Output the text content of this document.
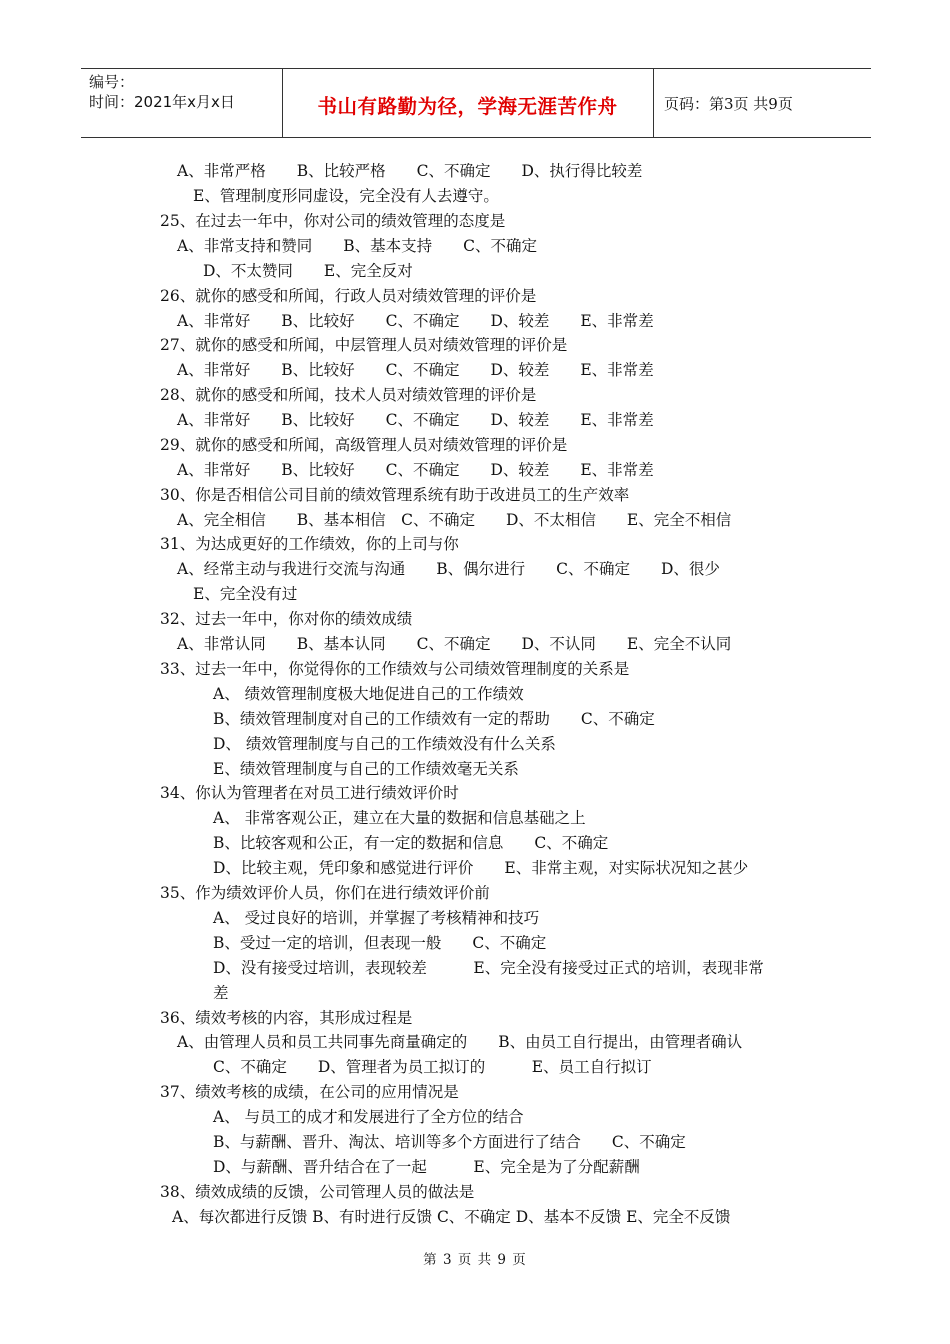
编号：
时间：2021年x月x日	书山有路勤为径，学海无涯苦作舟	页码：第3页 共9页
A、非常严格　　B、比较严格　　C、不确定　　D、执行得比较差
E、管理制度形同虚设，完全没有人去遵守。
25、在过去一年中，你对公司的绩效管理的态度是
A、非常支持和赞同　　B、基本支持　　C、不确定
D、不太赞同　　E、完全反对
26、就你的感受和所闻，行政人员对绩效管理的评价是
A、非常好　　B、比较好　　C、不确定　　D、较差　　E、非常差
27、就你的感受和所闻，中层管理人员对绩效管理的评价是
A、非常好　　B、比较好　　C、不确定　　D、较差　　E、非常差
28、就你的感受和所闻，技术人员对绩效管理的评价是
A、非常好　　B、比较好　　C、不确定　　D、较差　　E、非常差
29、就你的感受和所闻，高级管理人员对绩效管理的评价是
A、非常好　　B、比较好　　C、不确定　　D、较差　　E、非常差
30、你是否相信公司目前的绩效管理系统有助于改进员工的生产效率
A、完全相信　　B、基本相信　C、不确定　　D、不太相信　　E、完全不相信
31、为达成更好的工作绩效，你的上司与你
A、经常主动与我进行交流与沟通　　B、偶尔进行　　C、不确定　　D、很少
E、完全没有过
32、过去一年中，你对你的绩效成绩
A、非常认同　　B、基本认同　　C、不确定　　D、不认同　　E、完全不认同
33、过去一年中，你觉得你的工作绩效与公司绩效管理制度的关系是
A、 绩效管理制度极大地促进自己的工作绩效
B、绩效管理制度对自己的工作绩效有一定的帮助　　C、不确定
D、 绩效管理制度与自己的工作绩效没有什么关系
E、绩效管理制度与自己的工作绩效毫无关系
34、你认为管理者在对员工进行绩效评价时
A、 非常客观公正，建立在大量的数据和信息基础之上
B、比较客观和公正，有一定的数据和信息　　C、不确定
D、比较主观，凭印象和感觉进行评价　　E、非常主观，对实际状况知之甚少
35、作为绩效评价人员，你们在进行绩效评价前
A、 受过良好的培训，并掌握了考核精神和技巧
B、受过一定的培训，但表现一般　　C、不确定
D、没有接受过培训，表现较差　　　E、完全没有接受过正式的培训，表现非常
差
36、绩效考核的内容，其形成过程是
A、由管理人员和员工共同事先商量确定的　　B、由员工自行提出，由管理者确认
C、不确定　　D、管理者为员工拟订的　　　E、员工自行拟订
37、绩效考核的成绩，在公司的应用情况是
A、 与员工的成才和发展进行了全方位的结合
B、与薪酬、晋升、淘汰、培训等多个方面进行了结合　　C、不确定
D、与薪酬、晋升结合在了一起　　　E、完全是为了分配薪酬
38、绩效成绩的反馈，公司管理人员的做法是
A、每次都进行反馈 B、有时进行反馈 C、不确定 D、基本不反馈 E、完全不反馈
第 3 页 共 9 页
